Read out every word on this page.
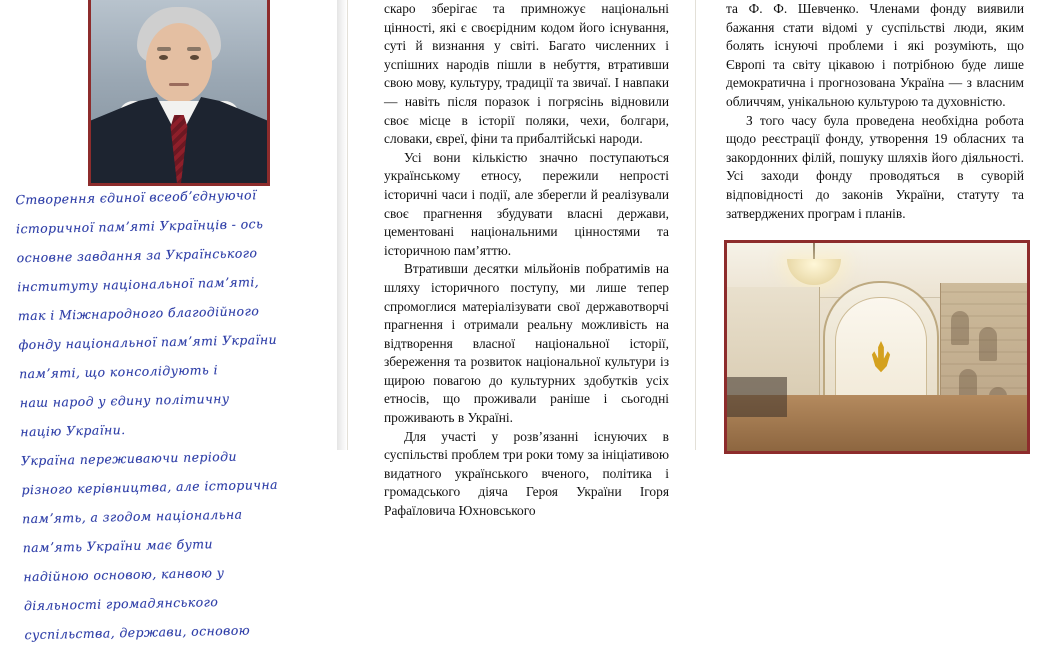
Створення єдиної всеобʼєднуючої
історичної памʼяті Українців - ось
основне завдання за Українського
інституту національної памʼяті,
так і Міжнародного благодійного
фонду національної памʼяті України
памʼяті, що консолідують і
наш народ у єдину політичну
націю України.
Україна переживаючи періоди
різного керівництва, але історична
памʼять, а згодом національна
памʼять України має бути
надійною основою, канвою у
діяльності громадянського
суспільства, держави, основою

скаро зберігає та примножує національні цінності, які є своєрідним кодом його існування, суті й визнання у світі. Багато численних і успішних народів пішли в небуття, втративши свою мову, культуру, традиції та звичаї. І навпаки — навіть після поразок і погрясінь відновили своє місце в історії поляки, чехи, болгари, словаки, євреї, фіни та прибалтійські народи.

Усі вони кількістю значно поступаються українському етносу, пережили непрості історичні часи і події, але зберегли й реалізували своє прагнення збудувати власні держави, цементовані національними цінностями та історичною памʼяттю.

Втративши десятки мільйонів побратимів на шляху історичного поступу, ми лише тепер спромоглися матеріалізувати свої державотворчі прагнення і отримали реальну можливість на відтворення власної національної історії, збереження та розвиток національної культури із щирою повагою до культурних здобутків усіх етносів, що проживали раніше і сьогодні проживають в Україні.

Для участі у розвʼязанні існуючих в суспільстві проблем три роки тому за ініціативою видатного українського вченого, політика і громадського діяча Героя України Ігоря Рафаїловича Юхновського

та Ф. Ф. Шевченко. Членами фонду виявили бажання стати відомі у суспільстві люди, яким болять існуючі проблеми і які розуміють, що Європі та світу цікавою і потрібною буде лише демократична і прогнозована Україна — з власним обличчям, унікальною культурою та духовністю.

З того часу була проведена необхідна робота щодо реєстрації фонду, утворення 19 обласних та закордонних філій, пошуку шляхів його діяльності. Усі заходи фонду проводяться в суворій відповідності до законів України, статуту та затверджених програм і планів.
